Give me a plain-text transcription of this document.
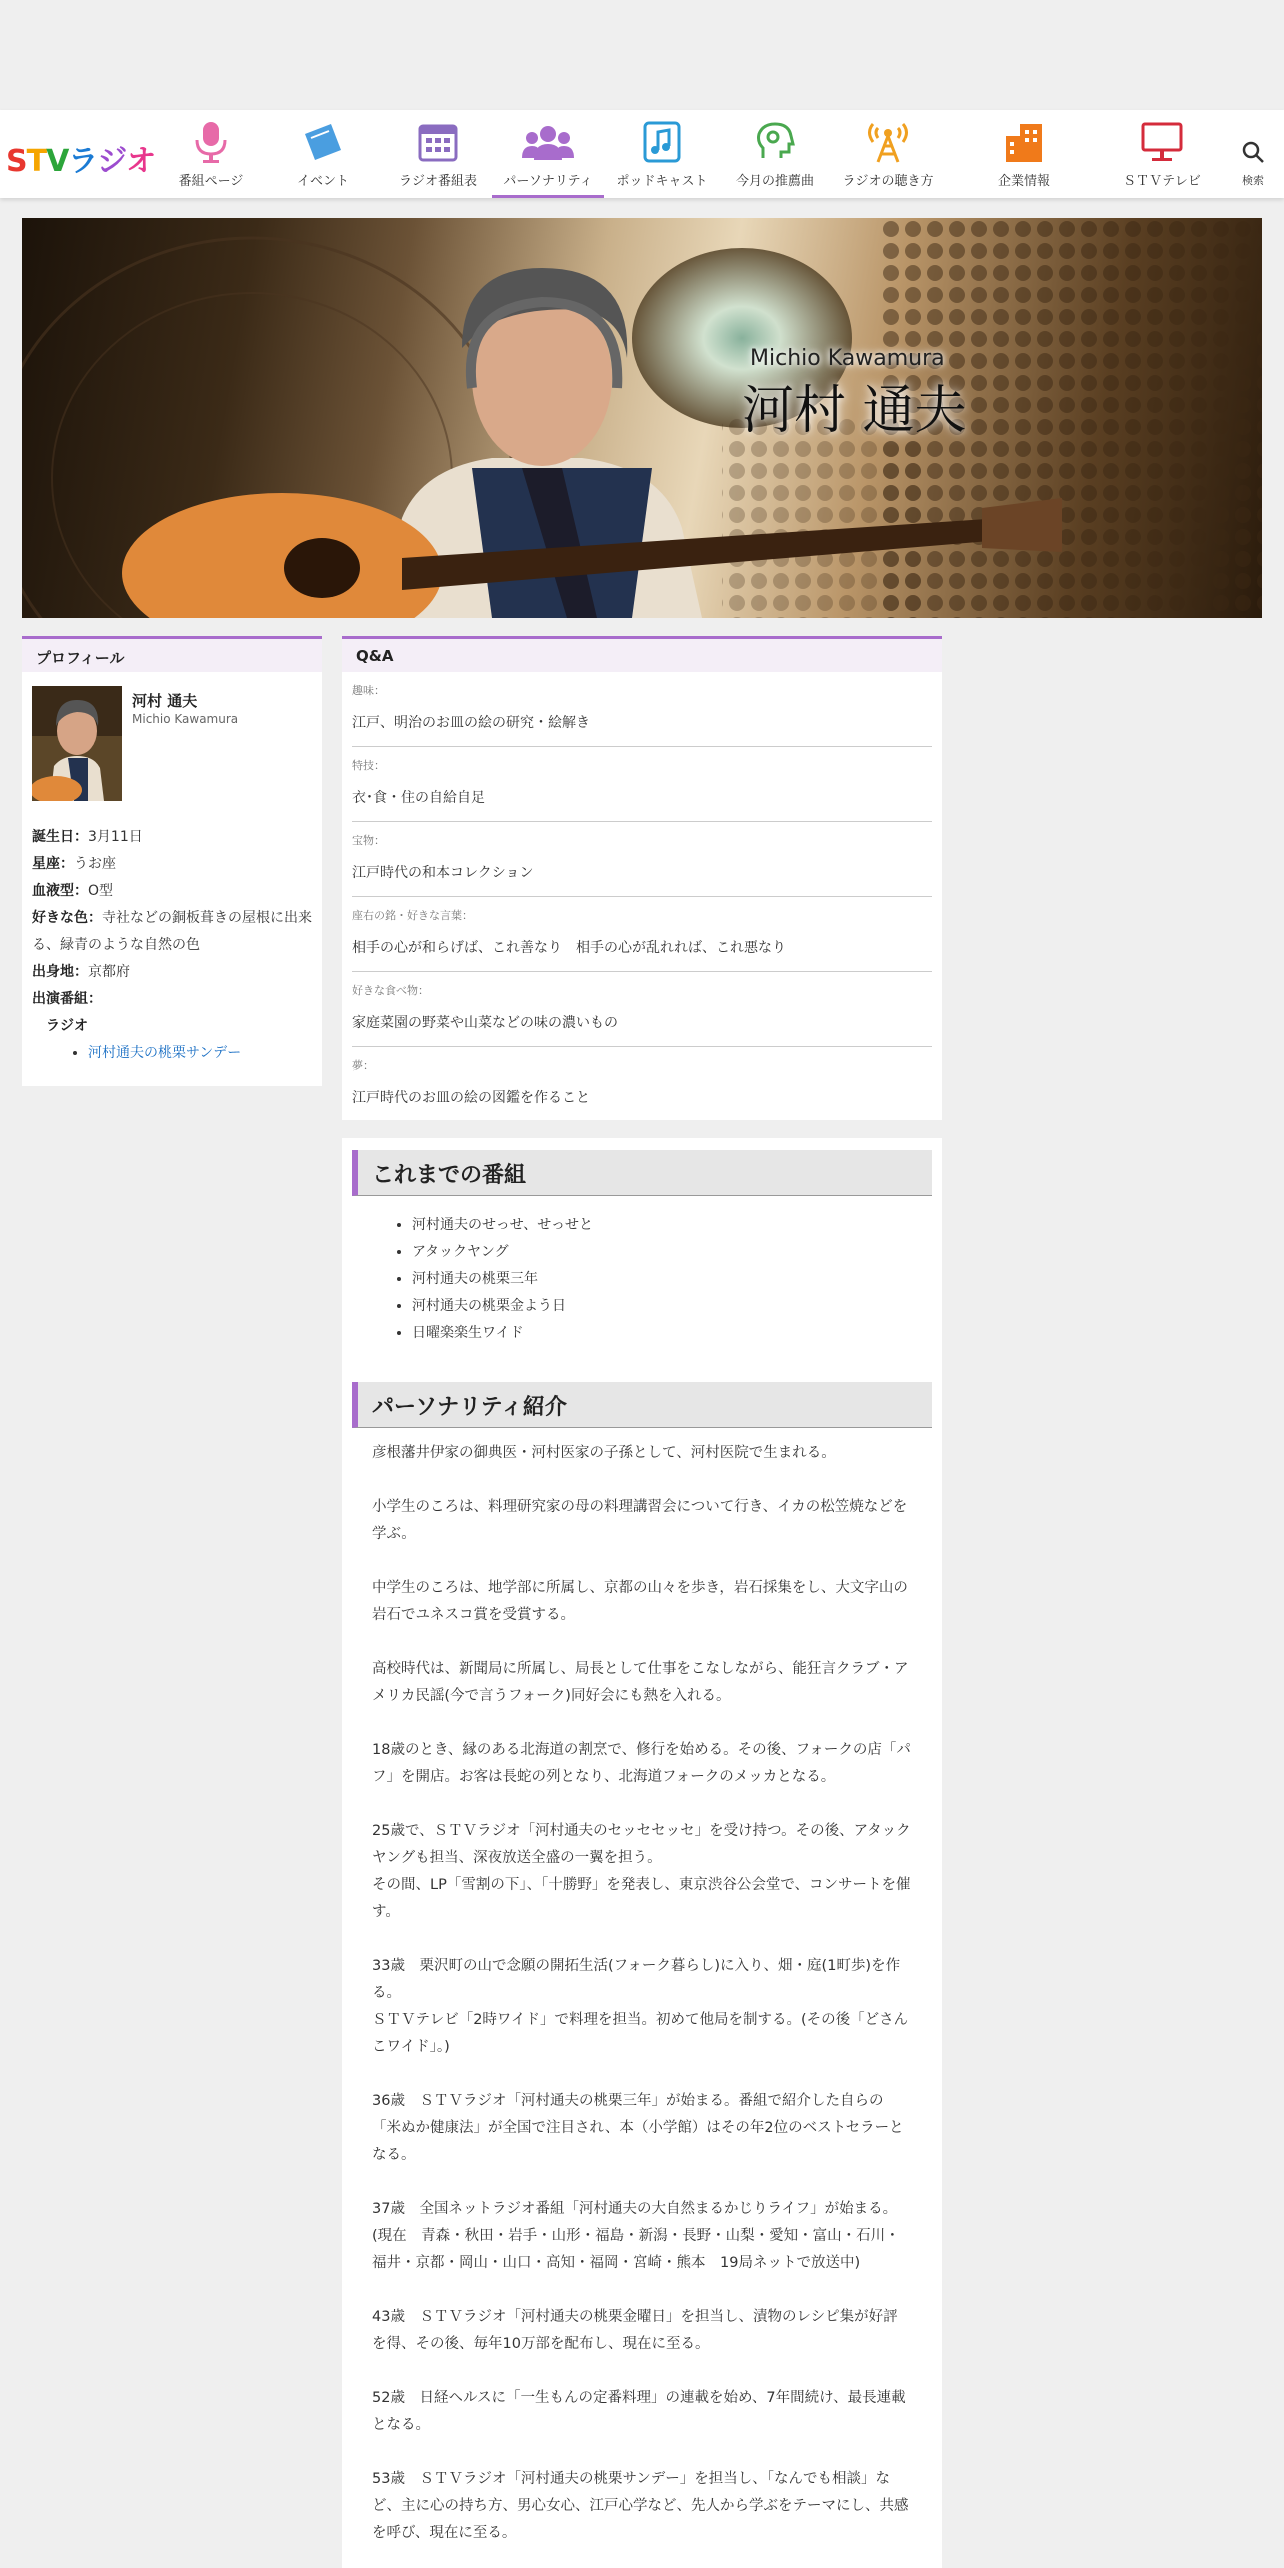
STVラジオ
番組ページ	イベント	ラジオ番組表	パーソナリティ	ポッドキャスト	今月の推薦曲	ラジオの聴き方	企業情報	ＳＴＶテレビ	検索
Michio Kawamura
河村 通夫
プロフィール
河村 通夫
Michio Kawamura
誕生日：3月11日
星座：うお座
血液型：O型
好きな色：寺社などの銅板葺きの屋根に出来る、緑青のような自然の色
出身地：京都府
出演番組：
ラジオ
• 河村通夫の桃栗サンデー
Q&A
趣味：
江戸、明治のお皿の絵の研究・絵解き
特技：
衣･食・住の自給自足
宝物：
江戸時代の和本コレクション
座右の銘・好きな言葉：
相手の心が和らげば、これ善なり　相手の心が乱れれば、これ悪なり
好きな食べ物：
家庭菜園の野菜や山菜などの味の濃いもの
夢：
江戸時代のお皿の絵の図鑑を作ること
これまでの番組
• 河村通夫のせっせ、せっせと
• アタックヤング
• 河村通夫の桃栗三年
• 河村通夫の桃栗金よう日
• 日曜楽楽生ワイド
パーソナリティ紹介

彦根藩井伊家の御典医・河村医家の子孫として、河村医院で生まれる。

小学生のころは、料理研究家の母の料理講習会について行き、イカの松笠焼などを学ぶ。

中学生のころは、地学部に所属し、京都の山々を歩き，岩石採集をし、大文字山の岩石でユネスコ賞を受賞する。

高校時代は、新聞局に所属し、局長として仕事をこなしながら、能狂言クラブ・アメリカ民謡(今で言うフォーク)同好会にも熱を入れる。

18歳のとき、縁のある北海道の割烹で、修行を始める。その後、フォークの店「パフ」を開店。お客は長蛇の列となり、北海道フォークのメッカとなる。

25歳で、ＳＴＶラジオ「河村通夫のセッセセッセ」を受け持つ。その後、アタックヤングも担当、深夜放送全盛の一翼を担う。
その間、LP「雪割の下」、「十勝野」を発表し、東京渋谷公会堂で、コンサートを催す。

33歳　栗沢町の山で念願の開拓生活(フォーク暮らし)に入り、畑・庭(1町歩)を作る。
ＳＴＶテレビ「2時ワイド」で料理を担当。初めて他局を制する。(その後「どさんこワイド」。)

36歳　ＳＴＶラジオ「河村通夫の桃栗三年」が始まる。番組で紹介した自らの「米ぬか健康法」が全国で注目され、本（小学館）はその年2位のベストセラーとなる。

37歳　全国ネットラジオ番組「河村通夫の大自然まるかじりライフ」が始まる。
(現在　青森・秋田・岩手・山形・福島・新潟・長野・山梨・愛知・富山・石川・福井・京都・岡山・山口・高知・福岡・宮崎・熊本　19局ネットで放送中)

43歳　ＳＴＶラジオ「河村通夫の桃栗金曜日」を担当し、漬物のレシピ集が好評を得、その後、毎年10万部を配布し、現在に至る。

52歳　日経ヘルスに「一生もんの定番料理」の連載を始め、7年間続け、最長連載となる。

53歳　ＳＴＶラジオ「河村通夫の桃栗サンデー」を担当し、「なんでも相談」など、主に心の持ち方、男心女心、江戸心学など、先人から学ぶをテーマにし、共感を呼び、現在に至る。
